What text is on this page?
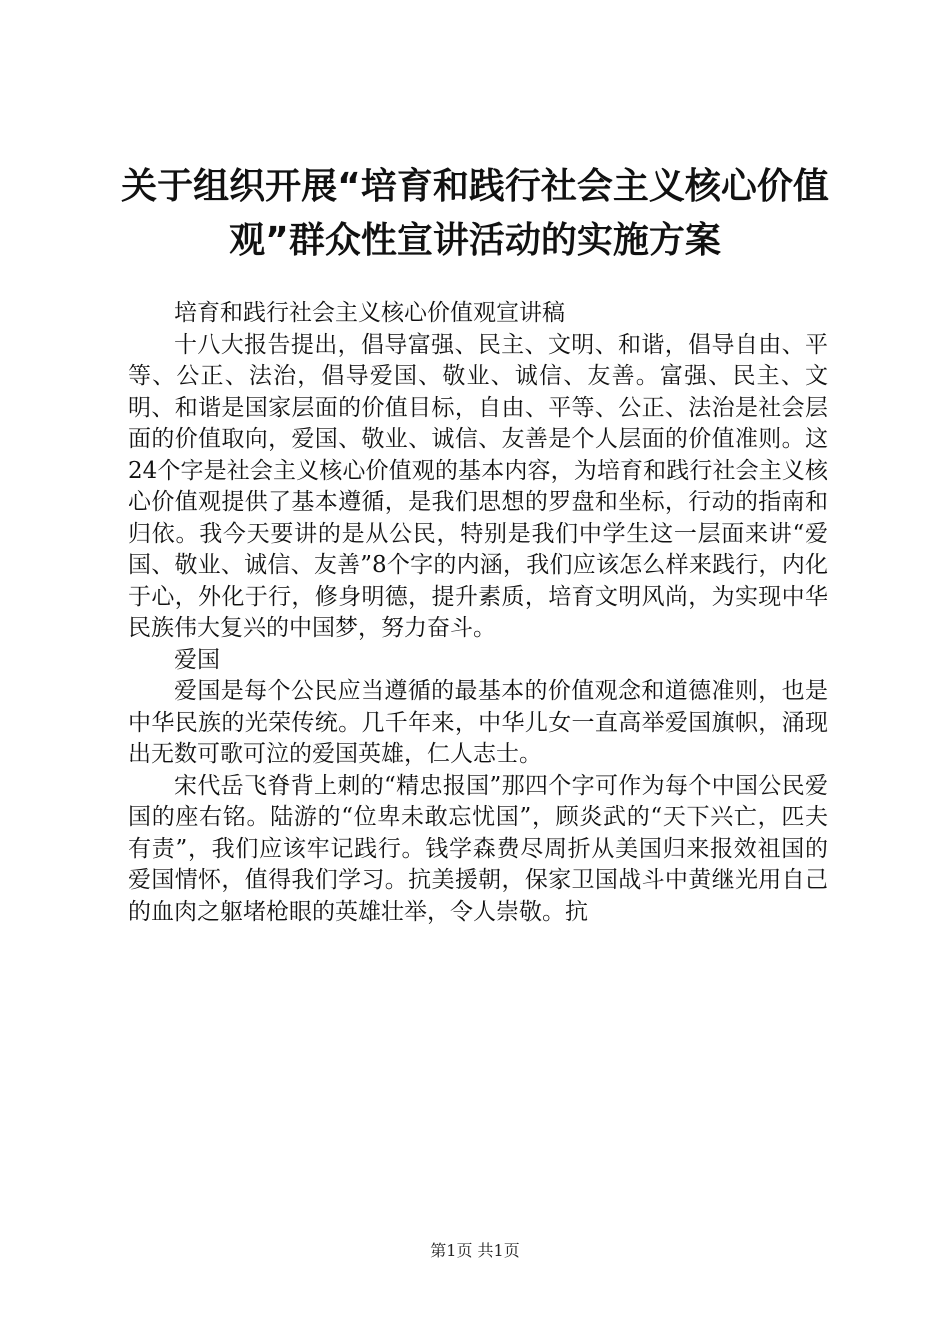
关于组织开展“培育和践行社会主义核心价值
观”群众性宣讲活动的实施方案

培育和践行社会主义核心价值观宣讲稿

十八大报告提出，倡导富强、民主、文明、和谐，倡导自由、平等、公正、法治，倡导爱国、敬业、诚信、友善。富强、民主、文明、和谐是国家层面的价值目标，自由、平等、公正、法治是社会层面的价值取向，爱国、敬业、诚信、友善是个人层面的价值准则。这24个字是社会主义核心价值观的基本内容，为培育和践行社会主义核心价值观提供了基本遵循，是我们思想的罗盘和坐标，行动的指南和归依。我今天要讲的是从公民，特别是我们中学生这一层面来讲“爱国、敬业、诚信、友善”8个字的内涵，我们应该怎么样来践行，内化于心，外化于行，修身明德，提升素质，培育文明风尚，为实现中华民族伟大复兴的中国梦，努力奋斗。

爱国

爱国是每个公民应当遵循的最基本的价值观念和道德准则，也是中华民族的光荣传统。几千年来，中华儿女一直高举爱国旗帜，涌现出无数可歌可泣的爱国英雄，仁人志士。

宋代岳飞脊背上刺的“精忠报国”那四个字可作为每个中国公民爱国的座右铭。陆游的“位卑未敢忘忧国”，顾炎武的“天下兴亡，匹夫有责”，我们应该牢记践行。钱学森费尽周折从美国归来报效祖国的爱国情怀，值得我们学习。抗美援朝，保家卫国战斗中黄继光用自己的血肉之躯堵枪眼的英雄壮举，令人崇敬。抗

第1页 共1页
